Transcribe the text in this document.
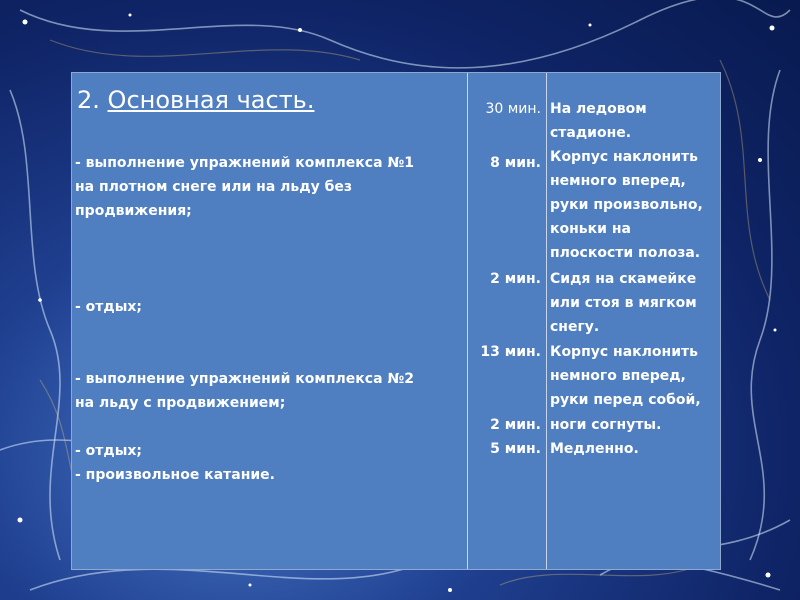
2. Основная часть.
- выполнение упражнений комплекса №1
на плотном снеге или на льду без
продвижения;
- отдых;
- выполнение упражнений комплекса №2
на льду с продвижением;
- отдых;
- произвольное катание.
30 мин.
8 мин.
2 мин.
13 мин.
2 мин.
5 мин.
На ледовом
стадионе.
Корпус наклонить
немного вперед,
руки произвольно,
коньки на
плоскости полоза.
Сидя на скамейке
или стоя в мягком
снегу.
Корпус наклонить
немного вперед,
руки перед собой,
ноги согнуты.
Медленно.
